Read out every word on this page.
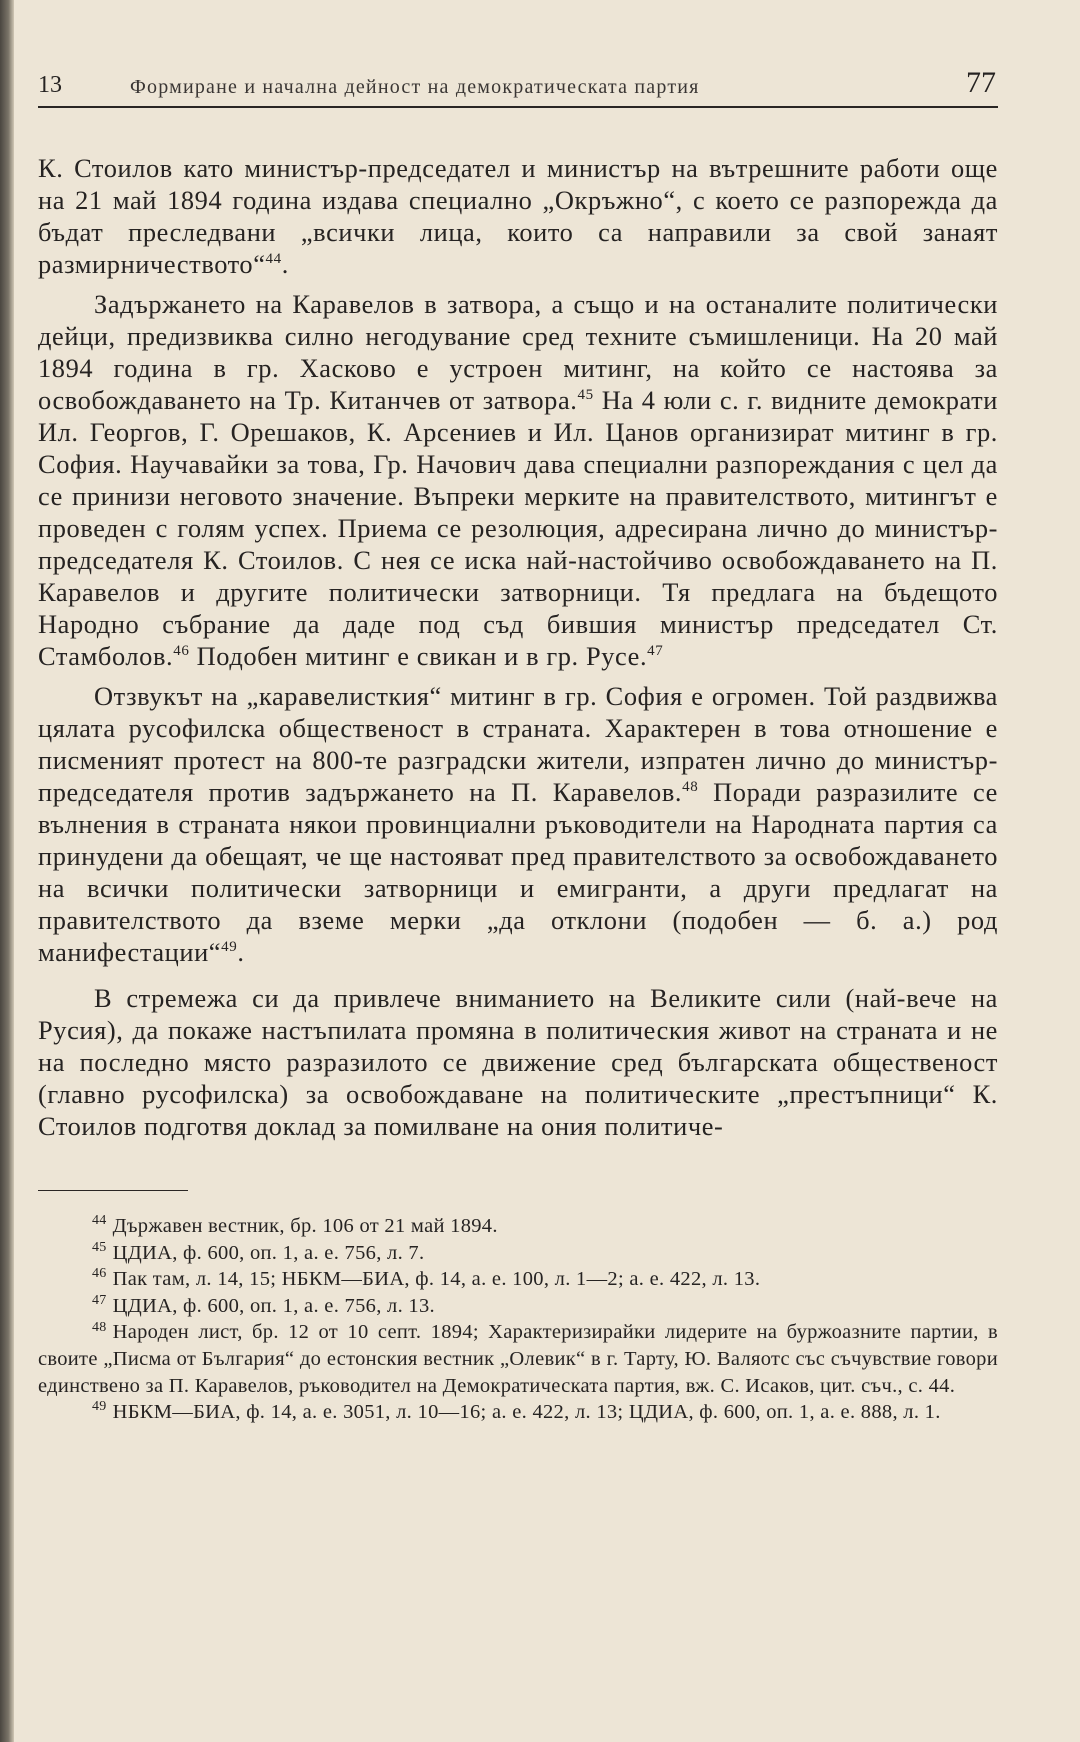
13	Формиране и начална дейност на демократическата партия	77

К. Стоилов като министър-председател и министър на вътрешните работи още на 21 май 1894 година издава специално „Окръжно“, с което се разпорежда да бъдат преследвани „всички лица, които са направили за свой занаят размирничеството“$^{44}$.

Задържането на Каравелов в затвора, а също и на останалите политически дейци, предизвиква силно негодувание сред техните съмишленици. На 20 май 1894 година в гр. Хасково е устроен митинг, на който се настоява за освобождаването на Тр. Китанчев от затвора.$^{45}$ На 4 юли с. г. видните демократи Ил. Георгов, Г. Орешаков, К. Арсениев и Ил. Цанов организират митинг в гр. София. Научавайки за това, Гр. Начович дава специални разпореждания с цел да се принизи неговото значение. Въпреки мерките на правителството, митингът е проведен с голям успех. Приема се резолюция, адресирана лично до министър-председателя К. Стоилов. С нея се иска най-настойчиво освобождаването на П. Каравелов и другите политически затворници. Тя предлага на бъдещото Народно събрание да даде под съд бившия министър председател Ст. Стамболов.$^{46}$ Подобен митинг е свикан и в гр. Русе.$^{47}$

Отзвукът на „каравелисткия“ митинг в гр. София е огромен. Той раздвижва цялата русофилска общественост в страната. Характерен в това отношение е писменият протест на 800-те разградски жители, изпратен лично до министър-председателя против задържането на П. Каравелов.$^{48}$ Поради разразилите се вълнения в страната някои провинциални ръководители на Народната партия са принудени да обещаят, че ще настояват пред правителството за освобождаването на всички политически затворници и емигранти, а други предлагат на правителството да вземе мерки „да отклони (подобен — б. а.) род манифестации“$^{49}$.

В стремежа си да привлече вниманието на Великите сили (най-вече на Русия), да покаже настъпилата промяна в политическия живот на страната и не на последно място разразилото се движение сред българската общественост (главно русофилска) за освобождаване на политическите „престъпници“ К. Стоилов подготвя доклад за помилване на ония политиче-

$^{44}$ Държавен вестник, бр. 106 от 21 май 1894.

$^{45}$ ЦДИА, ф. 600, оп. 1, а. е. 756, л. 7.

$^{46}$ Пак там, л. 14, 15; НБКМ—БИА, ф. 14, а. е. 100, л. 1—2; а. е. 422, л. 13.

$^{47}$ ЦДИА, ф. 600, оп. 1, а. е. 756, л. 13.

$^{48}$ Народен лист, бр. 12 от 10 септ. 1894; Характеризирайки лидерите на буржоазните партии, в своите „Писма от България“ до естонския вестник „Олевик“ в г. Тарту, Ю. Валяотс със съчувствие говори единствено за П. Каравелов, ръководител на Демократическата партия, вж. С. Исаков, цит. съч., с. 44.

$^{49}$ НБКМ—БИА, ф. 14, а. е. 3051, л. 10—16; а. е. 422, л. 13; ЦДИА, ф. 600, оп. 1, а. е. 888, л. 1.
